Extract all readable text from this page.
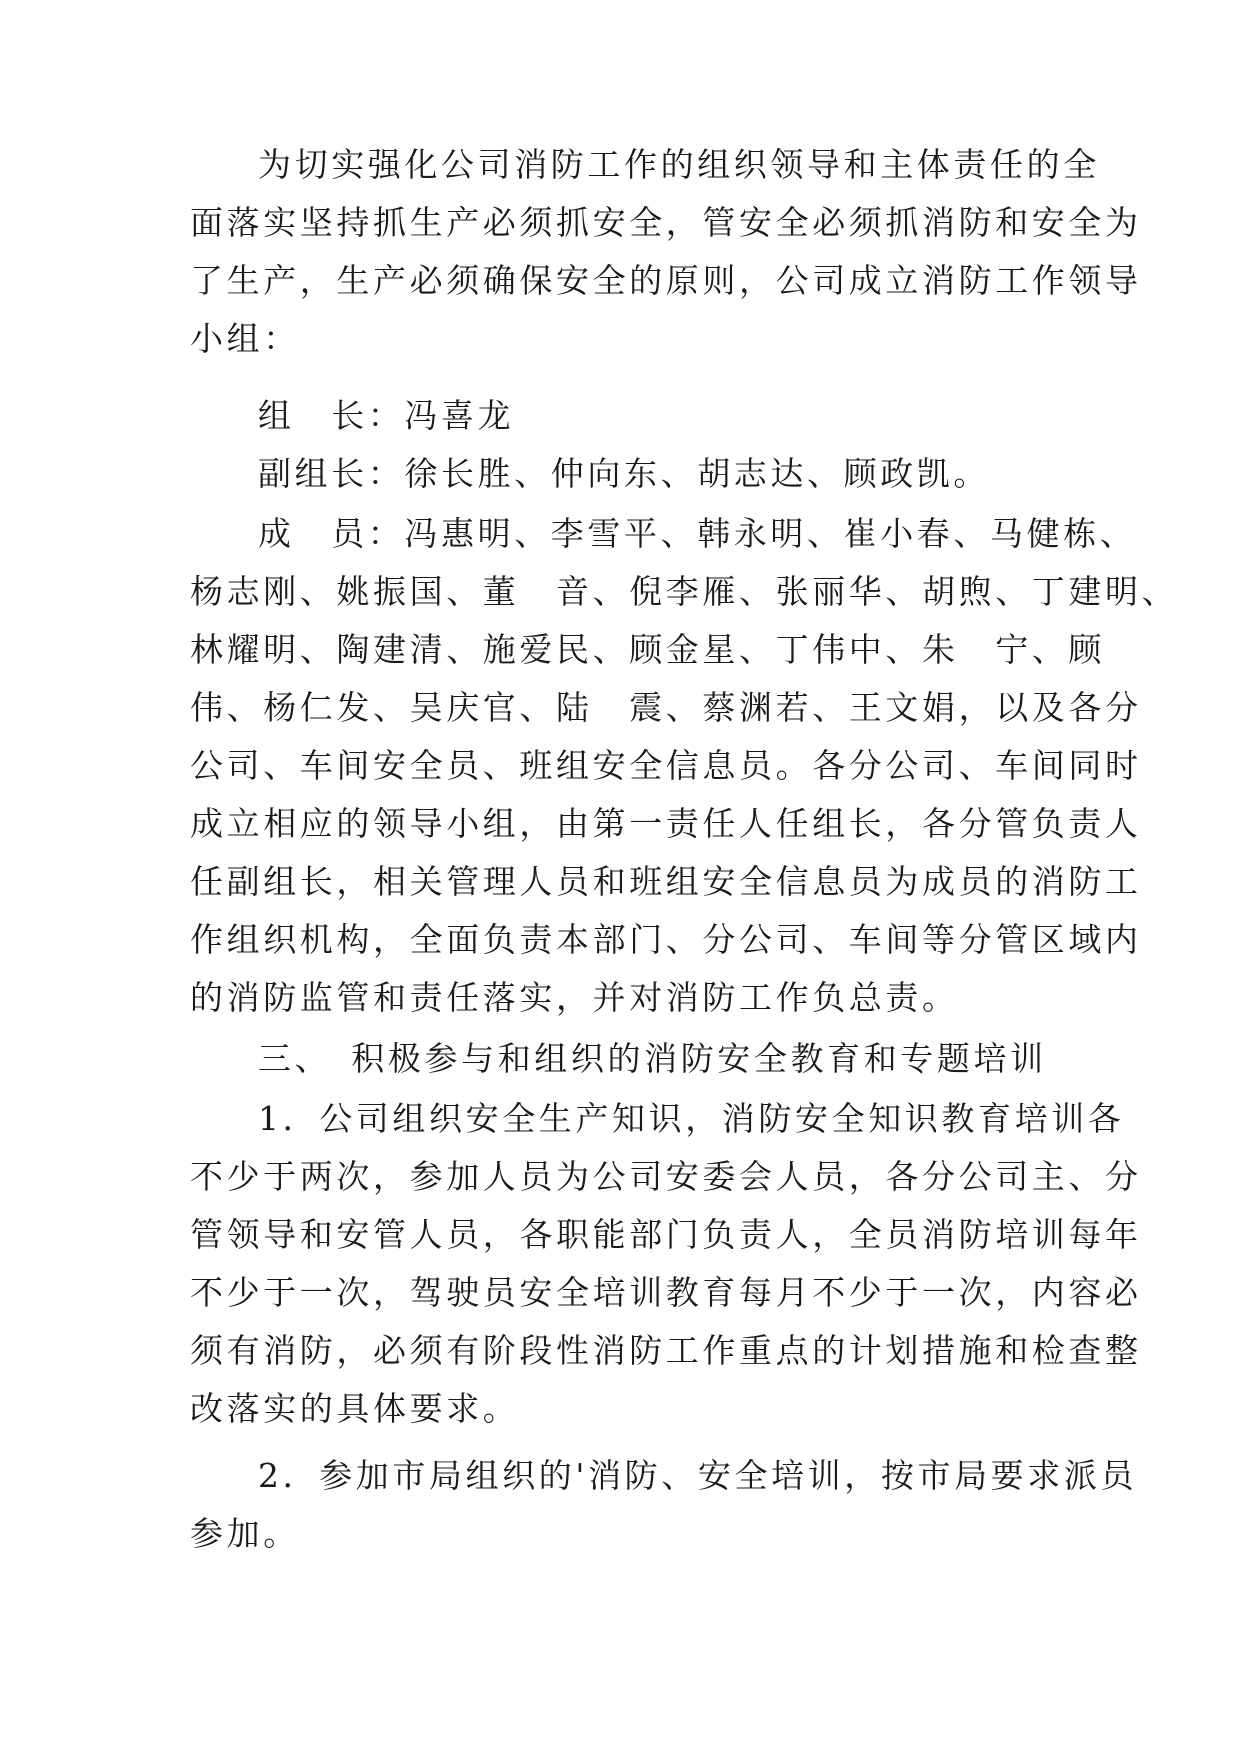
为切实强化公司消防工作的组织领导和主体责任的全
面落实坚持抓生产必须抓安全，管安全必须抓消防和安全为
了生产，生产必须确保安全的原则，公司成立消防工作领导
小组：
组　长：冯喜龙
副组长：徐长胜、仲向东、胡志达、顾政凯。
成　员：冯惠明、李雪平、韩永明、崔小春、马健栋、
杨志刚、姚振国、董　音、倪李雁、张丽华、胡煦、丁建明、
林耀明、陶建清、施爱民、顾金星、丁伟中、朱　宁、顾
伟、杨仁发、吴庆官、陆　震、蔡渊若、王文娟，以及各分
公司、车间安全员、班组安全信息员。各分公司、车间同时
成立相应的领导小组，由第一责任人任组长，各分管负责人
任副组长，相关管理人员和班组安全信息员为成员的消防工
作组织机构，全面负责本部门、分公司、车间等分管区域内
的消防监管和责任落实，并对消防工作负总责。
三、　积极参与和组织的消防安全教育和专题培训
1．公司组织安全生产知识，消防安全知识教育培训各
不少于两次，参加人员为公司安委会人员，各分公司主、分
管领导和安管人员，各职能部门负责人，全员消防培训每年
不少于一次，驾驶员安全培训教育每月不少于一次，内容必
须有消防，必须有阶段性消防工作重点的计划措施和检查整
改落实的具体要求。
2．参加市局组织的'消防、安全培训，按市局要求派员
参加。
